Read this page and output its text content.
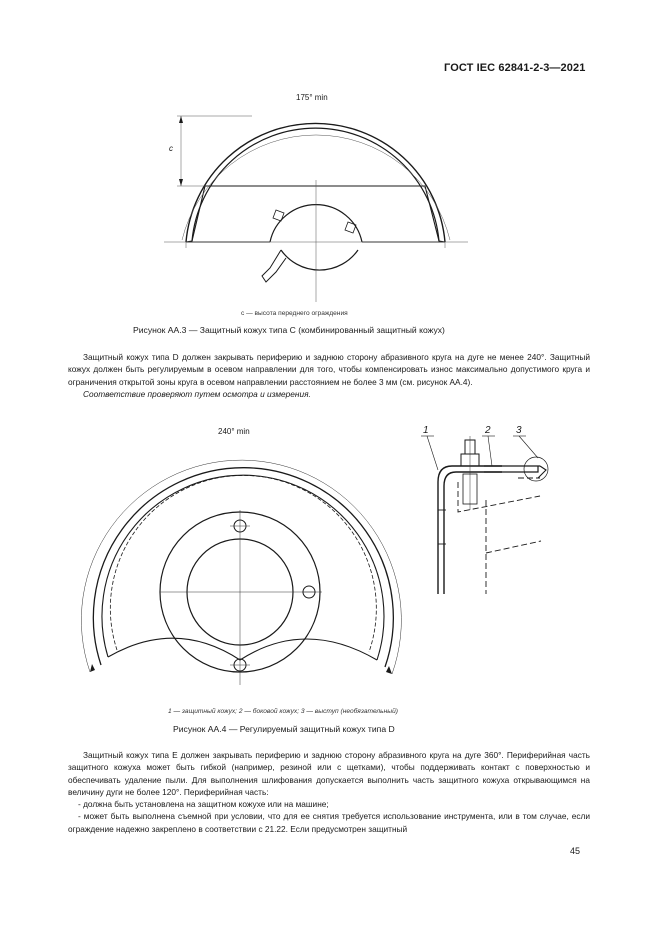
ГОСТ IEC 62841-2-3—2021
175° min
c
c — высота переднего ограждения
Рисунок АА.3 — Защитный кожух типа C (комбинированный защитный кожух)

Защитный кожух типа D должен закрывать периферию и заднюю сторону абразивного круга на дуге не менее 240°. Защитный кожух должен быть регулируемым в осевом направлении для того, чтобы компенсировать износ максимально допустимого круга и ограничения открытой зоны круга в осевом направлении расстоянием не более 3 мм (см. рисунок АА.4).

Соответствие проверяют путем осмотра и измерения.

240° min	1	2	3
1 — защитный кожух; 2 — боковой кожух; 3 — выступ (необязательный)
Рисунок АА.4 — Регулируемый защитный кожух типа D

Защитный кожух типа E должен закрывать периферию и заднюю сторону абразивного круга на дуге 360°. Периферийная часть защитного кожуха может быть гибкой (например, резиной или с щетками), чтобы поддерживать контакт с поверхностью и обеспечивать удаление пыли. Для выполнения шлифования допускается выполнить часть защитного кожуха открывающимся на величину дуги не более 120°. Периферийная часть:

- должна быть установлена на защитном кожухе или на машине;

- может быть выполнена съемной при условии, что для ее снятия требуется использование инструмента, или в том случае, если ограждение надежно закреплено в соответствии с 21.22. Если предусмотрен защитный

45
